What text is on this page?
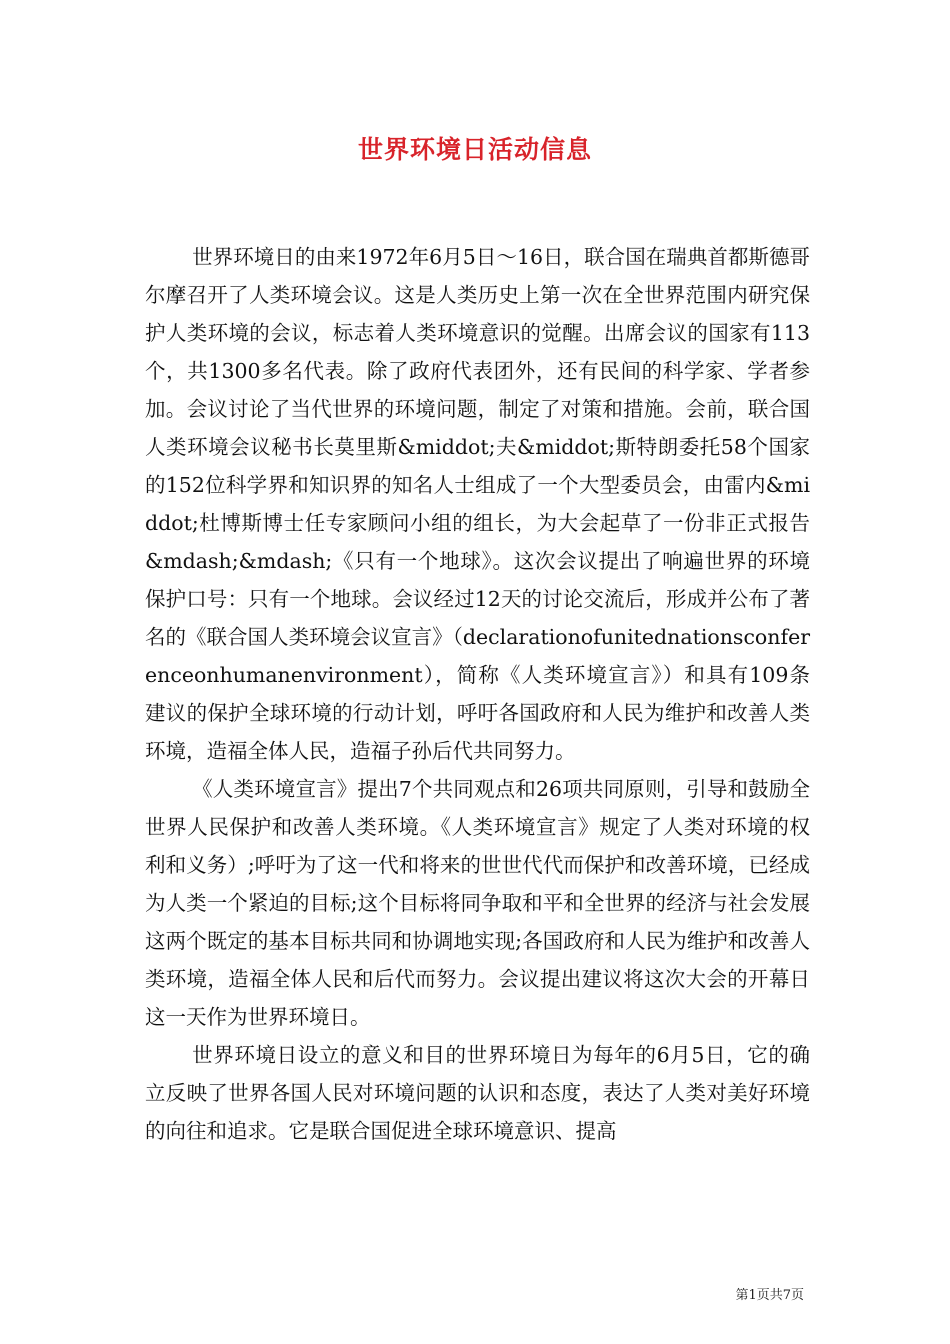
世界环境日活动信息

世界环境日的由来1972年6月5日～16日，联合国在瑞典首都斯德哥尔摩召开了人类环境会议。这是人类历史上第一次在全世界范围内研究保护人类环境的会议，标志着人类环境意识的觉醒。出席会议的国家有113个，共1300多名代表。除了政府代表团外，还有民间的科学家、学者参加。会议讨论了当代世界的环境问题，制定了对策和措施。会前，联合国人类环境会议秘书长莫里斯&middot;夫&middot;斯特朗委托58个国家的152位科学界和知识界的知名人士组成了一个大型委员会，由雷内&middot;杜博斯博士任专家顾问小组的组长，为大会起草了一份非正式报告&mdash;&mdash;《只有一个地球》。这次会议提出了响遍世界的环境保护口号：只有一个地球。会议经过12天的讨论交流后，形成并公布了著名的《联合国人类环境会议宣言》（declarationofunitednationsconferenceonhumanenvironment），简称《人类环境宣言》）和具有109条建议的保护全球环境的行动计划，呼吁各国政府和人民为维护和改善人类环境，造福全体人民，造福子孙后代共同努力。

《人类环境宣言》提出7个共同观点和26项共同原则，引导和鼓励全世界人民保护和改善人类环境。《人类环境宣言》规定了人类对环境的权利和义务）;呼吁为了这一代和将来的世世代代而保护和改善环境，已经成为人类一个紧迫的目标;这个目标将同争取和平和全世界的经济与社会发展这两个既定的基本目标共同和协调地实现;各国政府和人民为维护和改善人类环境，造福全体人民和后代而努力。会议提出建议将这次大会的开幕日这一天作为世界环境日。

世界环境日设立的意义和目的世界环境日为每年的6月5日，它的确立反映了世界各国人民对环境问题的认识和态度，表达了人类对美好环境的向往和追求。它是联合国促进全球环境意识、提高

第1页共7页
